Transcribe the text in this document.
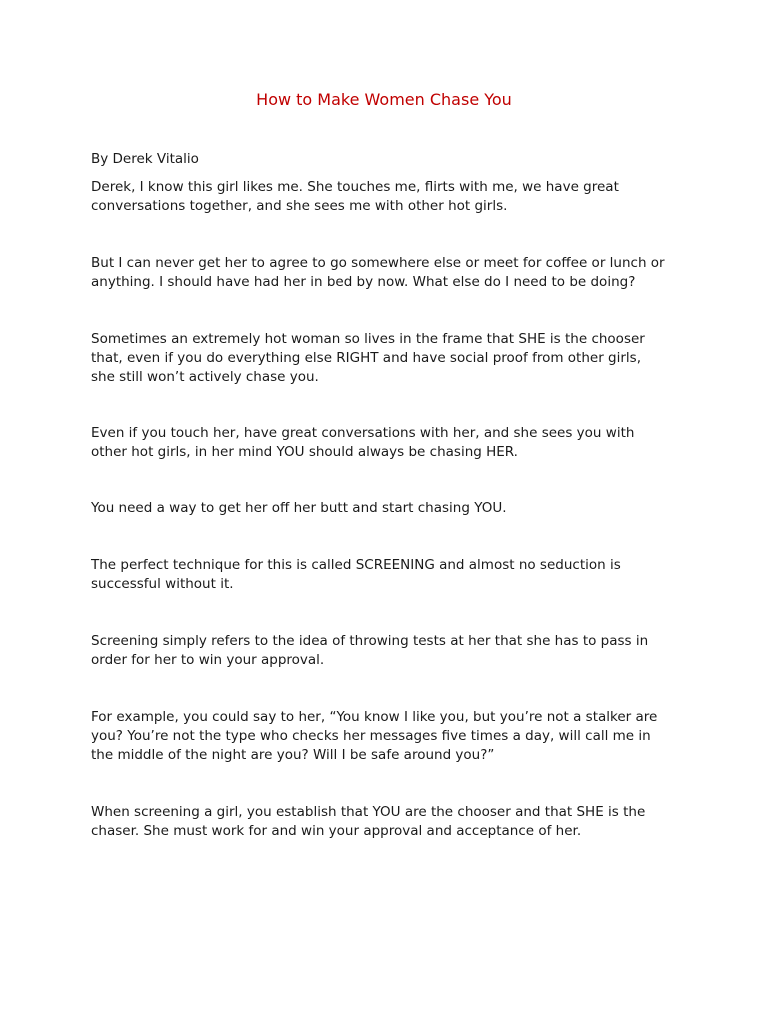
How to Make Women Chase You
By Derek Vitalio

Derek, I know this girl likes me. She touches me, flirts with me, we have great
conversations together, and she sees me with other hot girls.

But I can never get her to agree to go somewhere else or meet for coffee or lunch or
anything. I should have had her in bed by now. What else do I need to be doing?

Sometimes an extremely hot woman so lives in the frame that SHE is the chooser
that, even if you do everything else RIGHT and have social proof from other girls,
she still won’t actively chase you.

Even if you touch her, have great conversations with her, and she sees you with
other hot girls, in her mind YOU should always be chasing HER.

You need a way to get her off her butt and start chasing YOU.

The perfect technique for this is called SCREENING and almost no seduction is
successful without it.

Screening simply refers to the idea of throwing tests at her that she has to pass in
order for her to win your approval.

For example, you could say to her, “You know I like you, but you’re not a stalker are
you? You’re not the type who checks her messages five times a day, will call me in
the middle of the night are you? Will I be safe around you?”

When screening a girl, you establish that YOU are the chooser and that SHE is the
chaser. She must work for and win your approval and acceptance of her.
